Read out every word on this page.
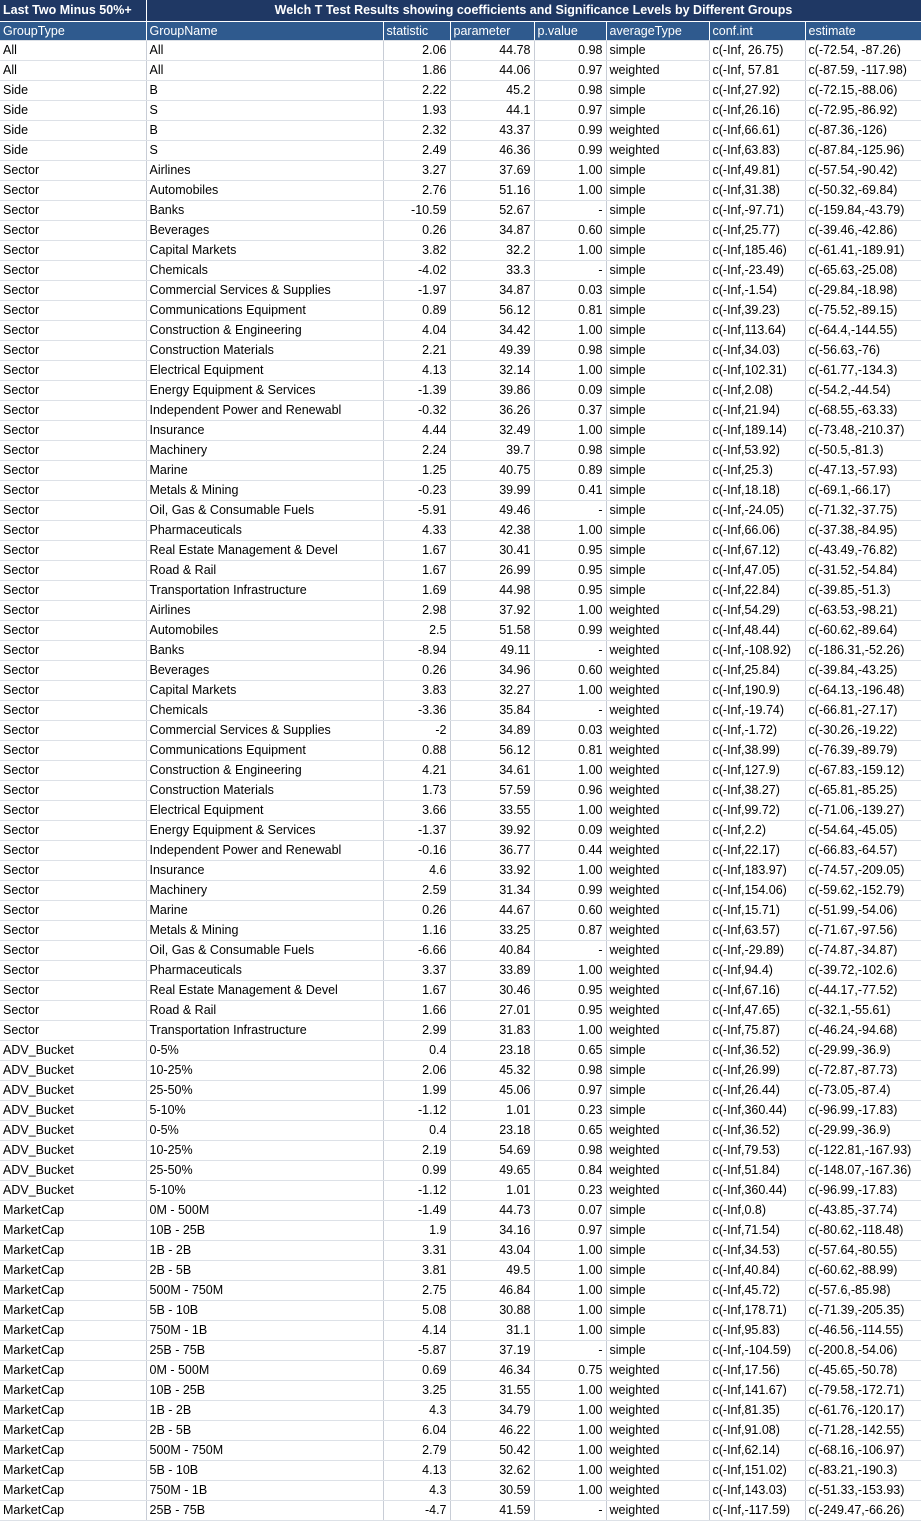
Last Two Minus 50%+	Welch T Test Results showing coefficients and Significance Levels by Different Groups						
GroupType	GroupName	statistic	parameter	p.value	averageType	conf.int	estimate
All	All	2.06	44.78	0.98	simple	c(-Inf, 26.75)	c(-72.54, -87.26)
All	All	1.86	44.06	0.97	weighted	c(-Inf, 57.81	c(-87.59, -117.98)
Side	B	2.22	45.2	0.98	simple	c(-Inf,27.92)	c(-72.15,-88.06)
Side	S	1.93	44.1	0.97	simple	c(-Inf,26.16)	c(-72.95,-86.92)
Side	B	2.32	43.37	0.99	weighted	c(-Inf,66.61)	c(-87.36,-126)
Side	S	2.49	46.36	0.99	weighted	c(-Inf,63.83)	c(-87.84,-125.96)
Sector	Airlines	3.27	37.69	1.00	simple	c(-Inf,49.81)	c(-57.54,-90.42)
Sector	Automobiles	2.76	51.16	1.00	simple	c(-Inf,31.38)	c(-50.32,-69.84)
Sector	Banks	-10.59	52.67	-	simple	c(-Inf,-97.71)	c(-159.84,-43.79)
Sector	Beverages	0.26	34.87	0.60	simple	c(-Inf,25.77)	c(-39.46,-42.86)
Sector	Capital Markets	3.82	32.2	1.00	simple	c(-Inf,185.46)	c(-61.41,-189.91)
Sector	Chemicals	-4.02	33.3	-	simple	c(-Inf,-23.49)	c(-65.63,-25.08)
Sector	Commercial Services & Supplies	-1.97	34.87	0.03	simple	c(-Inf,-1.54)	c(-29.84,-18.98)
Sector	Communications Equipment	0.89	56.12	0.81	simple	c(-Inf,39.23)	c(-75.52,-89.15)
Sector	Construction & Engineering	4.04	34.42	1.00	simple	c(-Inf,113.64)	c(-64.4,-144.55)
Sector	Construction Materials	2.21	49.39	0.98	simple	c(-Inf,34.03)	c(-56.63,-76)
Sector	Electrical Equipment	4.13	32.14	1.00	simple	c(-Inf,102.31)	c(-61.77,-134.3)
Sector	Energy Equipment & Services	-1.39	39.86	0.09	simple	c(-Inf,2.08)	c(-54.2,-44.54)
Sector	Independent Power and Renewabl	-0.32	36.26	0.37	simple	c(-Inf,21.94)	c(-68.55,-63.33)
Sector	Insurance	4.44	32.49	1.00	simple	c(-Inf,189.14)	c(-73.48,-210.37)
Sector	Machinery	2.24	39.7	0.98	simple	c(-Inf,53.92)	c(-50.5,-81.3)
Sector	Marine	1.25	40.75	0.89	simple	c(-Inf,25.3)	c(-47.13,-57.93)
Sector	Metals & Mining	-0.23	39.99	0.41	simple	c(-Inf,18.18)	c(-69.1,-66.17)
Sector	Oil, Gas & Consumable Fuels	-5.91	49.46	-	simple	c(-Inf,-24.05)	c(-71.32,-37.75)
Sector	Pharmaceuticals	4.33	42.38	1.00	simple	c(-Inf,66.06)	c(-37.38,-84.95)
Sector	Real Estate Management & Devel	1.67	30.41	0.95	simple	c(-Inf,67.12)	c(-43.49,-76.82)
Sector	Road & Rail	1.67	26.99	0.95	simple	c(-Inf,47.05)	c(-31.52,-54.84)
Sector	Transportation Infrastructure	1.69	44.98	0.95	simple	c(-Inf,22.84)	c(-39.85,-51.3)
Sector	Airlines	2.98	37.92	1.00	weighted	c(-Inf,54.29)	c(-63.53,-98.21)
Sector	Automobiles	2.5	51.58	0.99	weighted	c(-Inf,48.44)	c(-60.62,-89.64)
Sector	Banks	-8.94	49.11	-	weighted	c(-Inf,-108.92)	c(-186.31,-52.26)
Sector	Beverages	0.26	34.96	0.60	weighted	c(-Inf,25.84)	c(-39.84,-43.25)
Sector	Capital Markets	3.83	32.27	1.00	weighted	c(-Inf,190.9)	c(-64.13,-196.48)
Sector	Chemicals	-3.36	35.84	-	weighted	c(-Inf,-19.74)	c(-66.81,-27.17)
Sector	Commercial Services & Supplies	-2	34.89	0.03	weighted	c(-Inf,-1.72)	c(-30.26,-19.22)
Sector	Communications Equipment	0.88	56.12	0.81	weighted	c(-Inf,38.99)	c(-76.39,-89.79)
Sector	Construction & Engineering	4.21	34.61	1.00	weighted	c(-Inf,127.9)	c(-67.83,-159.12)
Sector	Construction Materials	1.73	57.59	0.96	weighted	c(-Inf,38.27)	c(-65.81,-85.25)
Sector	Electrical Equipment	3.66	33.55	1.00	weighted	c(-Inf,99.72)	c(-71.06,-139.27)
Sector	Energy Equipment & Services	-1.37	39.92	0.09	weighted	c(-Inf,2.2)	c(-54.64,-45.05)
Sector	Independent Power and Renewabl	-0.16	36.77	0.44	weighted	c(-Inf,22.17)	c(-66.83,-64.57)
Sector	Insurance	4.6	33.92	1.00	weighted	c(-Inf,183.97)	c(-74.57,-209.05)
Sector	Machinery	2.59	31.34	0.99	weighted	c(-Inf,154.06)	c(-59.62,-152.79)
Sector	Marine	0.26	44.67	0.60	weighted	c(-Inf,15.71)	c(-51.99,-54.06)
Sector	Metals & Mining	1.16	33.25	0.87	weighted	c(-Inf,63.57)	c(-71.67,-97.56)
Sector	Oil, Gas & Consumable Fuels	-6.66	40.84	-	weighted	c(-Inf,-29.89)	c(-74.87,-34.87)
Sector	Pharmaceuticals	3.37	33.89	1.00	weighted	c(-Inf,94.4)	c(-39.72,-102.6)
Sector	Real Estate Management & Devel	1.67	30.46	0.95	weighted	c(-Inf,67.16)	c(-44.17,-77.52)
Sector	Road & Rail	1.66	27.01	0.95	weighted	c(-Inf,47.65)	c(-32.1,-55.61)
Sector	Transportation Infrastructure	2.99	31.83	1.00	weighted	c(-Inf,75.87)	c(-46.24,-94.68)
ADV_Bucket	0-5%	0.4	23.18	0.65	simple	c(-Inf,36.52)	c(-29.99,-36.9)
ADV_Bucket	10-25%	2.06	45.32	0.98	simple	c(-Inf,26.99)	c(-72.87,-87.73)
ADV_Bucket	25-50%	1.99	45.06	0.97	simple	c(-Inf,26.44)	c(-73.05,-87.4)
ADV_Bucket	5-10%	-1.12	1.01	0.23	simple	c(-Inf,360.44)	c(-96.99,-17.83)
ADV_Bucket	0-5%	0.4	23.18	0.65	weighted	c(-Inf,36.52)	c(-29.99,-36.9)
ADV_Bucket	10-25%	2.19	54.69	0.98	weighted	c(-Inf,79.53)	c(-122.81,-167.93)
ADV_Bucket	25-50%	0.99	49.65	0.84	weighted	c(-Inf,51.84)	c(-148.07,-167.36)
ADV_Bucket	5-10%	-1.12	1.01	0.23	weighted	c(-Inf,360.44)	c(-96.99,-17.83)
MarketCap	0M - 500M	-1.49	44.73	0.07	simple	c(-Inf,0.8)	c(-43.85,-37.74)
MarketCap	10B - 25B	1.9	34.16	0.97	simple	c(-Inf,71.54)	c(-80.62,-118.48)
MarketCap	1B - 2B	3.31	43.04	1.00	simple	c(-Inf,34.53)	c(-57.64,-80.55)
MarketCap	2B - 5B	3.81	49.5	1.00	simple	c(-Inf,40.84)	c(-60.62,-88.99)
MarketCap	500M - 750M	2.75	46.84	1.00	simple	c(-Inf,45.72)	c(-57.6,-85.98)
MarketCap	5B - 10B	5.08	30.88	1.00	simple	c(-Inf,178.71)	c(-71.39,-205.35)
MarketCap	750M - 1B	4.14	31.1	1.00	simple	c(-Inf,95.83)	c(-46.56,-114.55)
MarketCap	25B - 75B	-5.87	37.19	-	simple	c(-Inf,-104.59)	c(-200.8,-54.06)
MarketCap	0M - 500M	0.69	46.34	0.75	weighted	c(-Inf,17.56)	c(-45.65,-50.78)
MarketCap	10B - 25B	3.25	31.55	1.00	weighted	c(-Inf,141.67)	c(-79.58,-172.71)
MarketCap	1B - 2B	4.3	34.79	1.00	weighted	c(-Inf,81.35)	c(-61.76,-120.17)
MarketCap	2B - 5B	6.04	46.22	1.00	weighted	c(-Inf,91.08)	c(-71.28,-142.55)
MarketCap	500M - 750M	2.79	50.42	1.00	weighted	c(-Inf,62.14)	c(-68.16,-106.97)
MarketCap	5B - 10B	4.13	32.62	1.00	weighted	c(-Inf,151.02)	c(-83.21,-190.3)
MarketCap	750M - 1B	4.3	30.59	1.00	weighted	c(-Inf,143.03)	c(-51.33,-153.93)
MarketCap	25B - 75B	-4.7	41.59	-	weighted	c(-Inf,-117.59)	c(-249.47,-66.26)
